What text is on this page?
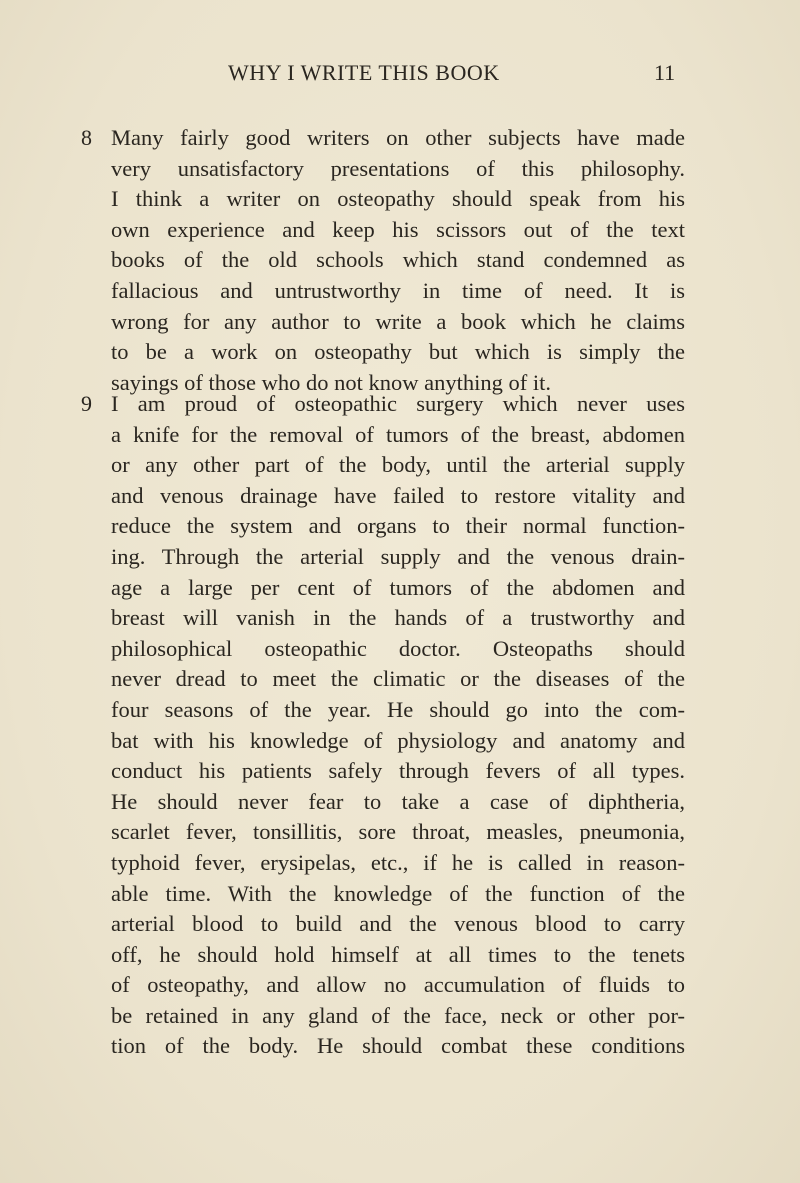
WHY I WRITE THIS BOOK	11
8 Many fairly good writers on other subjects have made
very unsatisfactory presentations of this philosophy.
I think a writer on osteopathy should speak from his
own experience and keep his scissors out of the text
books of the old schools which stand condemned as
fallacious and untrustworthy in time of need. It is
wrong for any author to write a book which he claims
to be a work on osteopathy but which is simply the
sayings of those who do not know anything of it.
9 I am proud of osteopathic surgery which never uses
a knife for the removal of tumors of the breast, abdomen
or any other part of the body, until the arterial supply
and venous drainage have failed to restore vitality and
reduce the system and organs to their normal function-
ing. Through the arterial supply and the venous drain-
age a large per cent of tumors of the abdomen and
breast will vanish in the hands of a trustworthy and
philosophical osteopathic doctor. Osteopaths should
never dread to meet the climatic or the diseases of the
four seasons of the year. He should go into the com-
bat with his knowledge of physiology and anatomy and
conduct his patients safely through fevers of all types.
He should never fear to take a case of diphtheria,
scarlet fever, tonsillitis, sore throat, measles, pneumonia,
typhoid fever, erysipelas, etc., if he is called in reason-
able time. With the knowledge of the function of the
arterial blood to build and the venous blood to carry
off, he should hold himself at all times to the tenets
of osteopathy, and allow no accumulation of fluids to
be retained in any gland of the face, neck or other por-
tion of the body. He should combat these conditions
